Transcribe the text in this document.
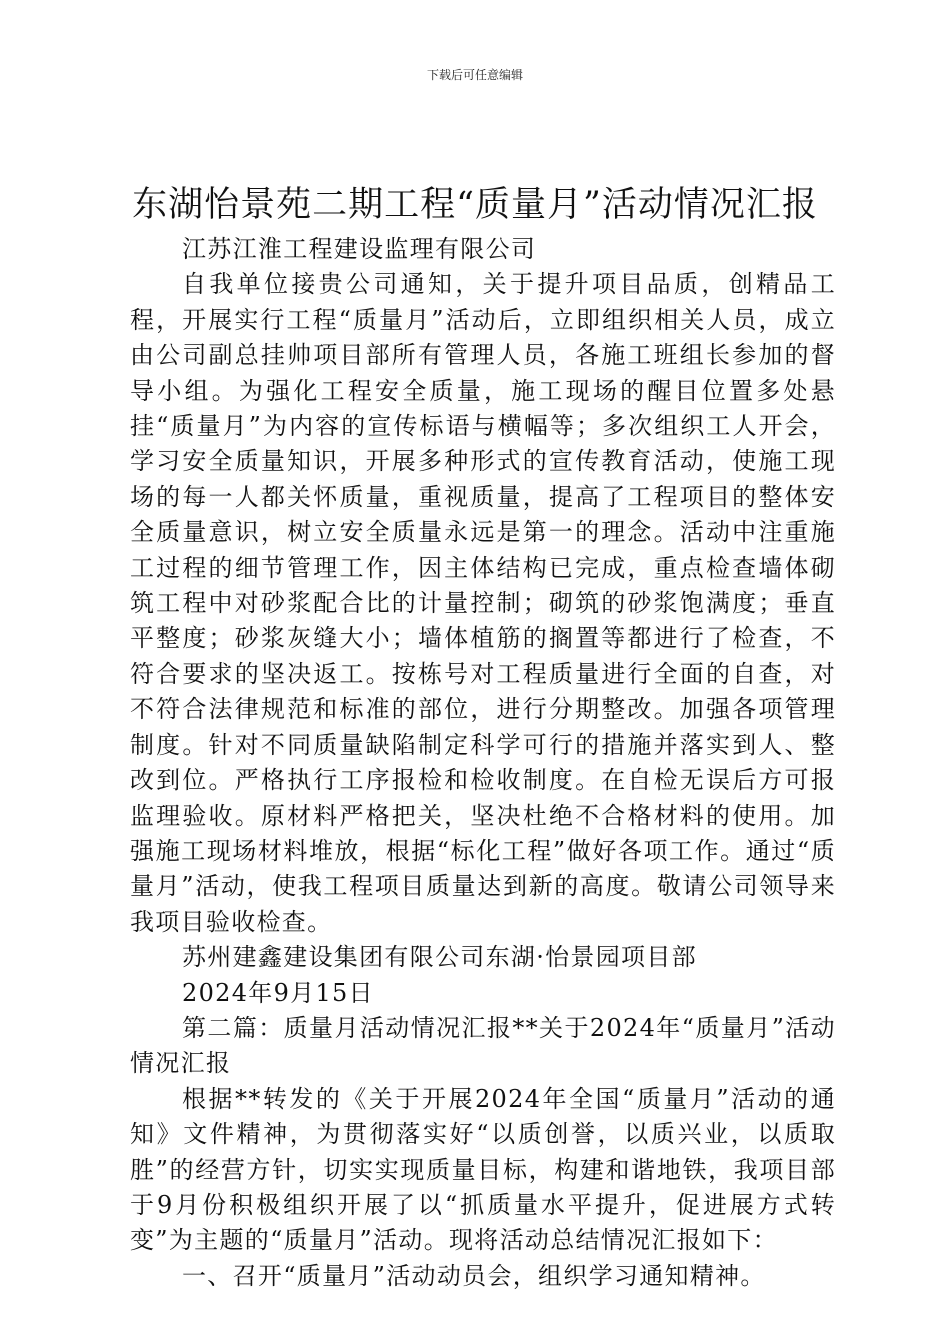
下载后可任意编辑
东湖怡景苑二期工程“质量月”活动情况汇报

江苏江淮工程建设监理有限公司

自我单位接贵公司通知，关于提升项目品质，创精品工程，开展实行工程“质量月”活动后，立即组织相关人员，成立由公司副总挂帅项目部所有管理人员，各施工班组长参加的督导小组。为强化工程安全质量，施工现场的醒目位置多处悬挂“质量月”为内容的宣传标语与横幅等；多次组织工人开会，学习安全质量知识，开展多种形式的宣传教育活动，使施工现场的每一人都关怀质量，重视质量，提高了工程项目的整体安全质量意识，树立安全质量永远是第一的理念。活动中注重施工过程的细节管理工作，因主体结构已完成，重点检查墙体砌筑工程中对砂浆配合比的计量控制；砌筑的砂浆饱满度；垂直平整度；砂浆灰缝大小；墙体植筋的搁置等都进行了检查，不符合要求的坚决返工。按栋号对工程质量进行全面的自查，对不符合法律规范和标准的部位，进行分期整改。加强各项管理制度。针对不同质量缺陷制定科学可行的措施并落实到人、整改到位。严格执行工序报检和检收制度。在自检无误后方可报监理验收。原材料严格把关，坚决杜绝不合格材料的使用。加强施工现场材料堆放，根据“标化工程”做好各项工作。通过“质量月”活动，使我工程项目质量达到新的高度。敬请公司领导来我项目验收检查。

苏州建鑫建设集团有限公司东湖·怡景园项目部

2024年9月15日

第二篇：质量月活动情况汇报**关于2024年“质量月”活动情况汇报

根据**转发的《关于开展2024年全国“质量月”活动的通知》文件精神，为贯彻落实好“以质创誉，以质兴业，以质取胜”的经营方针，切实实现质量目标，构建和谐地铁，我项目部于9月份积极组织开展了以“抓质量水平提升，促进展方式转变”为主题的“质量月”活动。现将活动总结情况汇报如下：

一、召开“质量月”活动动员会，组织学习通知精神。
